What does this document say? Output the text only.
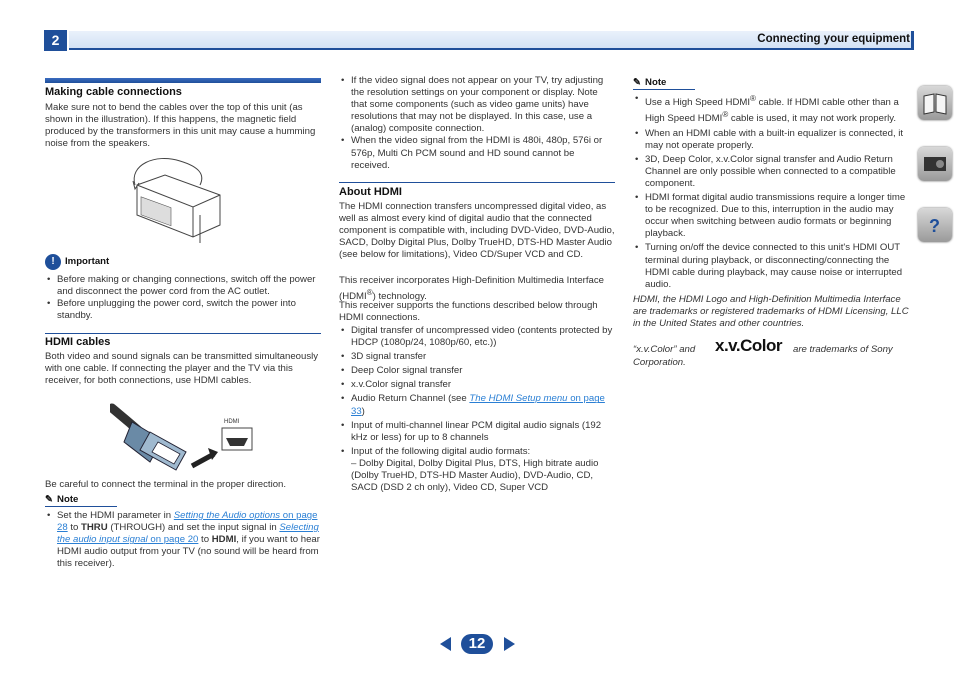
2	Connecting your equipment
Making cable connections

Make sure not to bend the cables over the top of this unit (as shown in the illustration). If this happens, the magnetic field produced by the transformers in this unit may cause a humming noise from the speakers.

!	Important
• Before making or changing connections, switch off the power and disconnect the power cord from the AC outlet.
• Before unplugging the power cord, switch the power into standby.
HDMI cables

Both video and sound signals can be transmitted simultaneously with one cable. If connecting the player and the TV via this receiver, for both connections, use HDMI cables.

HDMI

Be careful to connect the terminal in the proper direction.

✎ Note
• Set the HDMI parameter in Setting the Audio options on page 28 to THRU (THROUGH) and set the input signal in Selecting the audio input signal on page 20 to HDMI, if you want to hear HDMI audio output from your TV (no sound will be heard from this receiver).
• If the video signal does not appear on your TV, try adjusting the resolution settings on your component or display. Note that some components (such as video game units) have resolutions that may not be displayed. In this case, use a (analog) composite connection.
• When the video signal from the HDMI is 480i, 480p, 576i or 576p, Multi Ch PCM sound and HD sound cannot be received.
About HDMI

The HDMI connection transfers uncompressed digital video, as well as almost every kind of digital audio that the connected component is compatible with, including DVD-Video, DVD-Audio, SACD, Dolby Digital Plus, Dolby TrueHD, DTS-HD Master Audio (see below for limitations), Video CD/Super VCD and CD.

This receiver incorporates High-Definition Multimedia Interface (HDMI®) technology.

This receiver supports the functions described below through HDMI connections.

• Digital transfer of uncompressed video (contents protected by HDCP (1080p/24, 1080p/60, etc.))
• 3D signal transfer
• Deep Color signal transfer
• x.v.Color signal transfer
• Audio Return Channel (see The HDMI Setup menu on page 33)
• Input of multi-channel linear PCM digital audio signals (192 kHz or less) for up to 8 channels
• Input of the following digital audio formats:
– Dolby Digital, Dolby Digital Plus, DTS, High bitrate audio (Dolby TrueHD, DTS-HD Master Audio), DVD-Audio, CD, SACD (DSD 2 ch only), Video CD, Super VCD
✎ Note
• Use a High Speed HDMI® cable. If HDMI cable other than a High Speed HDMI® cable is used, it may not work properly.
• When an HDMI cable with a built-in equalizer is connected, it may not operate properly.
• 3D, Deep Color, x.v.Color signal transfer and Audio Return Channel are only possible when connected to a compatible component.
• HDMI format digital audio transmissions require a longer time to be recognized. Due to this, interruption in the audio may occur when switching between audio formats or beginning playback.
• Turning on/off the device connected to this unit's HDMI OUT terminal during playback, or disconnecting/connecting the HDMI cable during playback, may cause noise or interrupted audio.

HDMI, the HDMI Logo and High-Definition Multimedia Interface are trademarks or registered trademarks of HDMI Licensing, LLC in the United States and other countries.

“x.v.Color” and

Corporation.

x.v.Color are trademarks of Sony

?
12
